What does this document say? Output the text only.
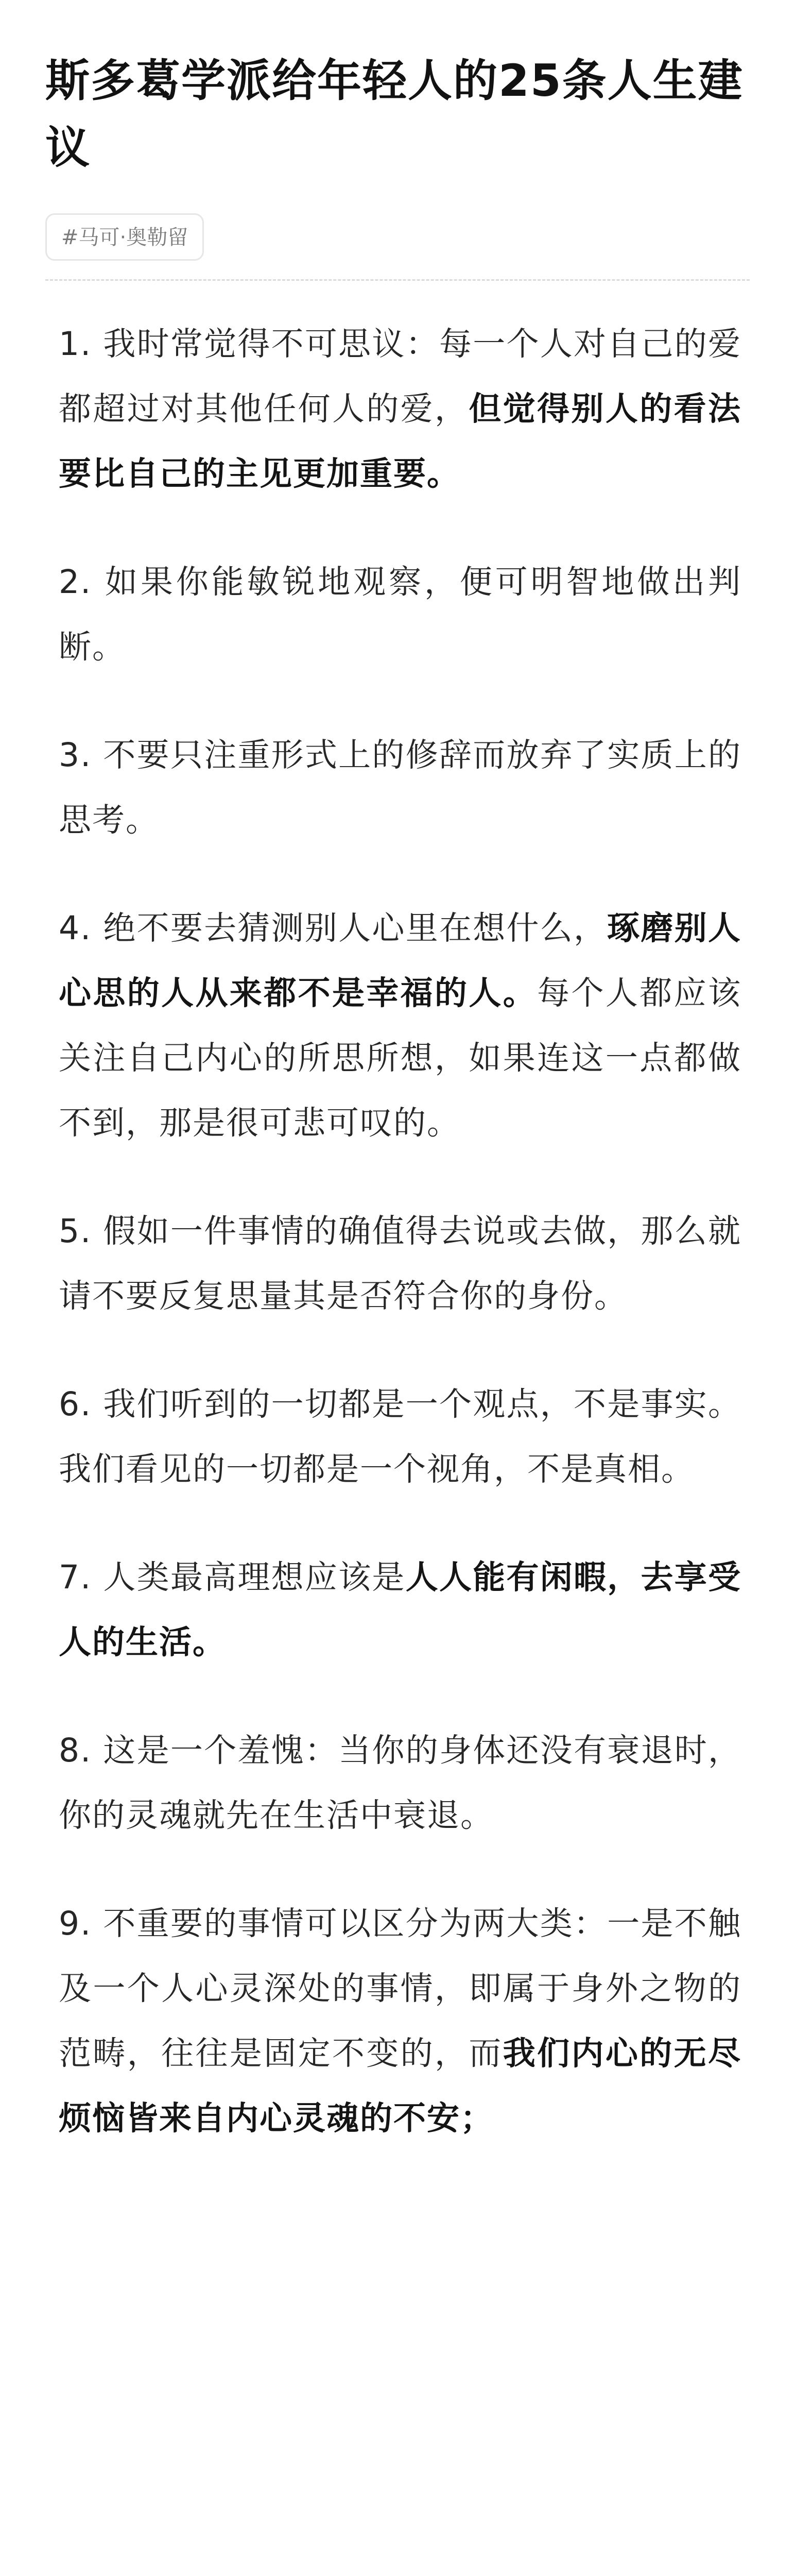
斯多葛学派给年轻人的25条人生建议
#马可·奥勒留

1. 我时常觉得不可思议：每一个人对自己的爱都超过对其他任何人的爱，但觉得别人的看法要比自己的主见更加重要。

2. 如果你能敏锐地观察，便可明智地做出判断。

3. 不要只注重形式上的修辞而放弃了实质上的思考。

4. 绝不要去猜测别人心里在想什么，琢磨别人心思的人从来都不是幸福的人。每个人都应该关注自己内心的所思所想，如果连这一点都做不到，那是很可悲可叹的。

5. 假如一件事情的确值得去说或去做，那么就请不要反复思量其是否符合你的身份。

6. 我们听到的一切都是一个观点，不是事实。我们看见的一切都是一个视角，不是真相。

7. 人类最高理想应该是人人能有闲暇，去享受人的生活。

8. 这是一个羞愧：当你的身体还没有衰退时，你的灵魂就先在生活中衰退。

9. 不重要的事情可以区分为两大类：一是不触及一个人心灵深处的事情，即属于身外之物的范畴，往往是固定不变的，而我们内心的无尽烦恼皆来自内心灵魂的不安；
